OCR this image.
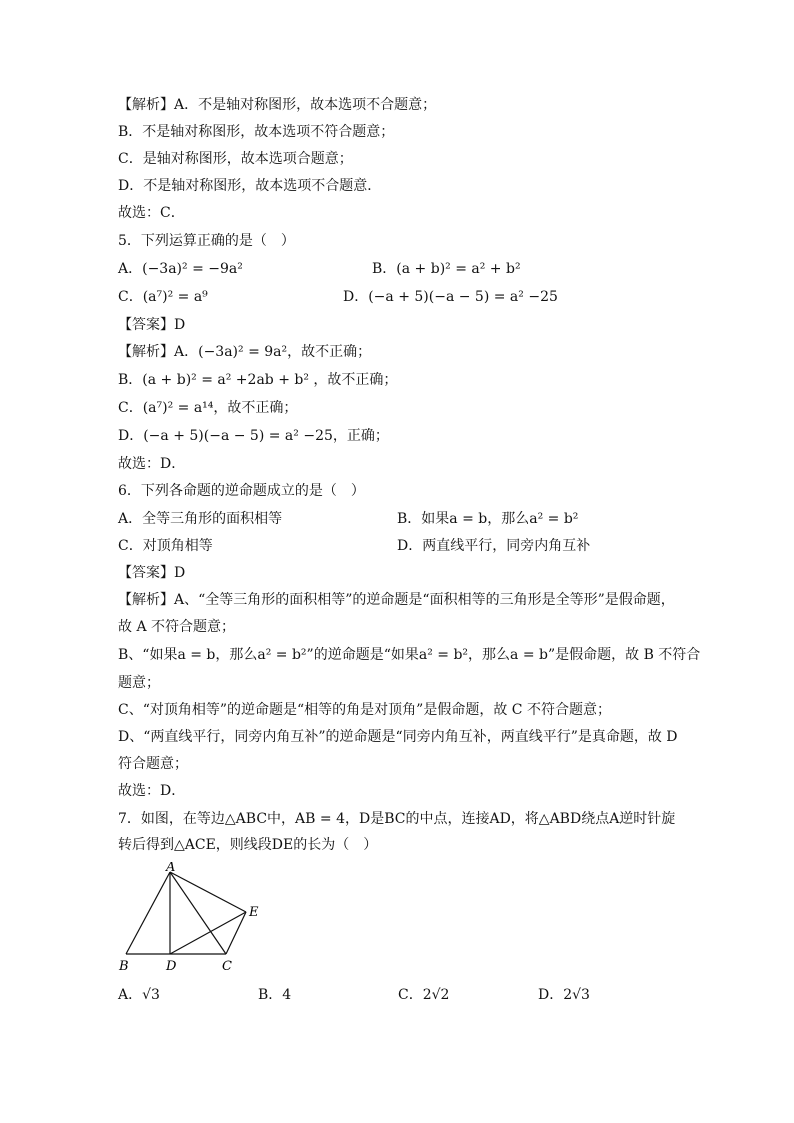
【解析】A．不是轴对称图形，故本选项不合题意；
B．不是轴对称图形，故本选项不符合题意；
C．是轴对称图形，故本选项合题意；
D．不是轴对称图形，故本选项不合题意．
故选：C．
5．下列运算正确的是（　）
A．(−3a)² = −9a²	B．(a + b)² = a² + b²
C．(a⁷)² = a⁹	D．(−a + 5)(−a − 5) = a² −25
【答案】D
【解析】A．(−3a)² = 9a²，故不正确；
B．(a + b)² = a² +2ab + b² ，故不正确；
C．(a⁷)² = a¹⁴，故不正确；
D．(−a + 5)(−a − 5) = a² −25，正确；
故选：D．
6．下列各命题的逆命题成立的是（　）
A．全等三角形的面积相等	B．如果a = b，那么a² = b²
C．对顶角相等	D．两直线平行，同旁内角互补
【答案】D
【解析】A、“全等三角形的面积相等”的逆命题是“面积相等的三角形是全等形”是假命题，
故 A 不符合题意；
B、“如果a = b，那么a² = b²”的逆命题是“如果a² = b²，那么a = b”是假命题，故 B 不符合
题意；
C、“对顶角相等”的逆命题是“相等的角是对顶角”是假命题，故 C 不符合题意；
D、“两直线平行，同旁内角互补”的逆命题是“同旁内角互补，两直线平行”是真命题，故 D
符合题意；
故选：D．
7．如图，在等边△ABC中，AB = 4，D是BC的中点，连接AD，将△ABD绕点A逆时针旋
转后得到△ACE，则线段DE的长为（　）
A
B	D	C
E
A．√3	B．4	C．2√2	D．2√3
